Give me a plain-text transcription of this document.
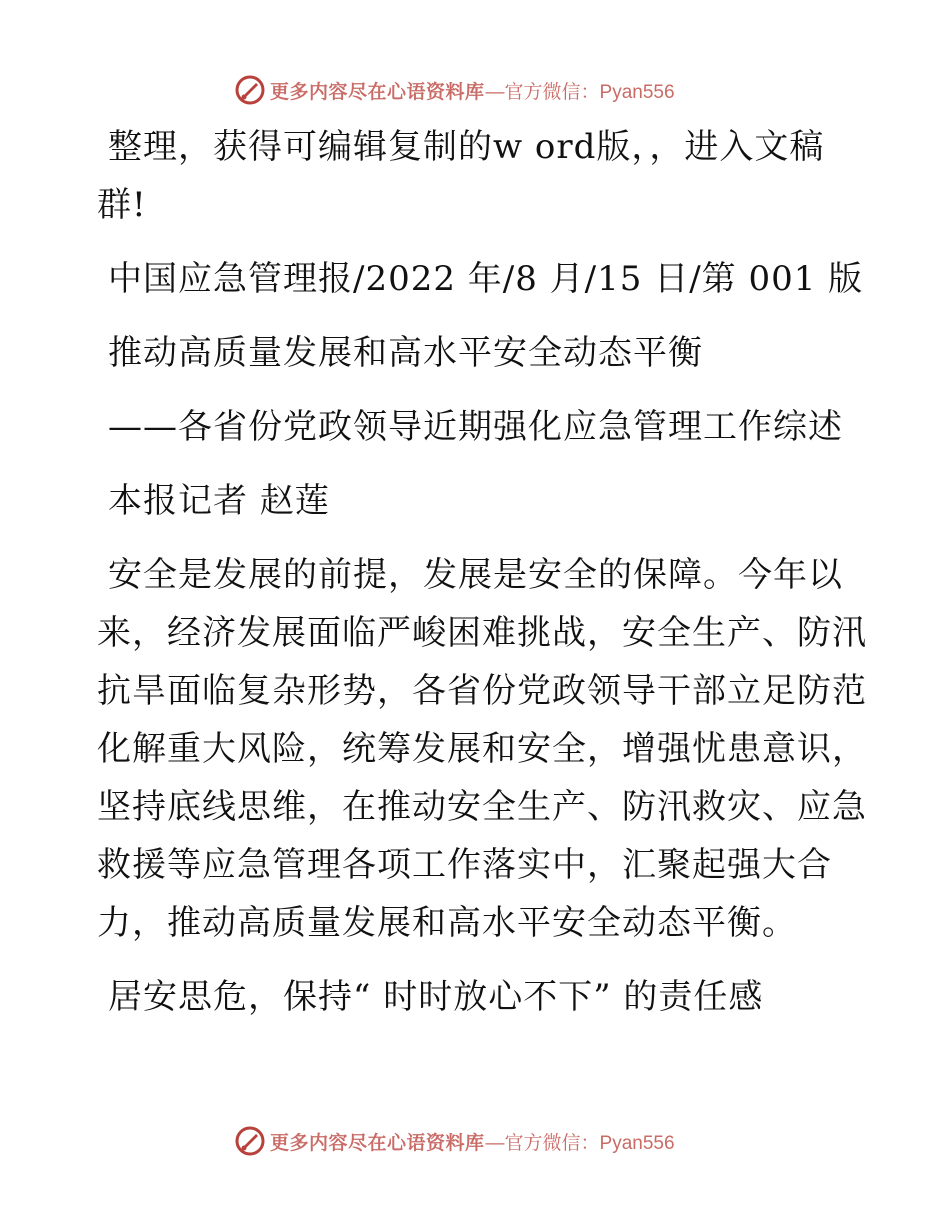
更多内容尽在心语资料库 —官方微信：Pyan556
整理，获得可编辑复制的w ord版，，进入文稿
群!
中国应急管理报/2022 年/8 月/15 日/第 001 版
推动高质量发展和高水平安全动态平衡
——各省份党政领导近期强化应急管理工作综述
本报记者 赵莲
安全是发展的前提，发展是安全的保障。今年以
来，经济发展面临严峻困难挑战，安全生产、防汛
抗旱面临复杂形势，各省份党政领导干部立足防范
化解重大风险，统筹发展和安全，增强忧患意识，
坚持底线思维，在推动安全生产、防汛救灾、应急
救援等应急管理各项工作落实中，汇聚起强大合
力，推动高质量发展和高水平安全动态平衡。
居安思危，保持“ 时时放心不下” 的责任感
更多内容尽在心语资料库 —官方微信：Pyan556
